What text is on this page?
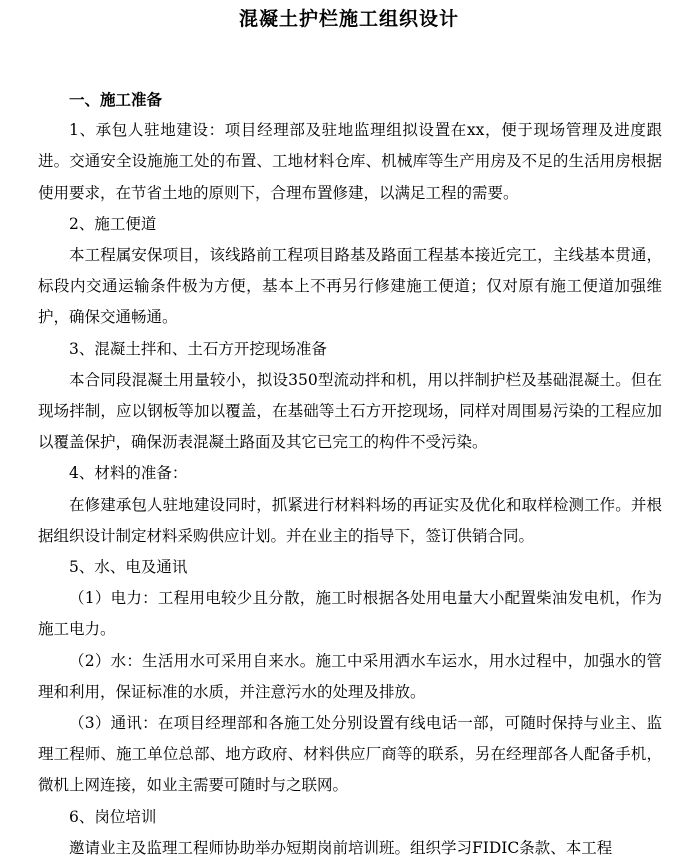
混凝土护栏施工组织设计

一、施工准备

1、承包人驻地建设：项目经理部及驻地监理组拟设置在xx，便于现场管理及进度跟进。交通安全设施施工处的布置、工地材料仓库、机械库等生产用房及不足的生活用房根据使用要求，在节省土地的原则下，合理布置修建，以满足工程的需要。

2、施工便道

本工程属安保项目，该线路前工程项目路基及路面工程基本接近完工，主线基本贯通，标段内交通运输条件极为方便，基本上不再另行修建施工便道；仅对原有施工便道加强维护，确保交通畅通。

3、混凝土拌和、土石方开挖现场准备

本合同段混凝土用量较小，拟设350型流动拌和机，用以拌制护栏及基础混凝土。但在现场拌制，应以钢板等加以覆盖，在基础等土石方开挖现场，同样对周围易污染的工程应加以覆盖保护，确保沥表混凝土路面及其它已完工的构件不受污染。

4、材料的准备：

在修建承包人驻地建设同时，抓紧进行材料料场的再证实及优化和取样检测工作。并根据组织设计制定材料采购供应计划。并在业主的指导下，签订供销合同。

5、水、电及通讯

（1）电力：工程用电较少且分散，施工时根据各处用电量大小配置柴油发电机，作为施工电力。

（2）水：生活用水可采用自来水。施工中采用洒水车运水，用水过程中，加强水的管理和利用，保证标准的水质，并注意污水的处理及排放。

（3）通讯：在项目经理部和各施工处分别设置有线电话一部，可随时保持与业主、监理工程师、施工单位总部、地方政府、材料供应厂商等的联系，另在经理部各人配备手机，微机上网连接，如业主需要可随时与之联网。

6、岗位培训

邀请业主及监理工程师协助举办短期岗前培训班。组织学习FIDIC条款、本工程
